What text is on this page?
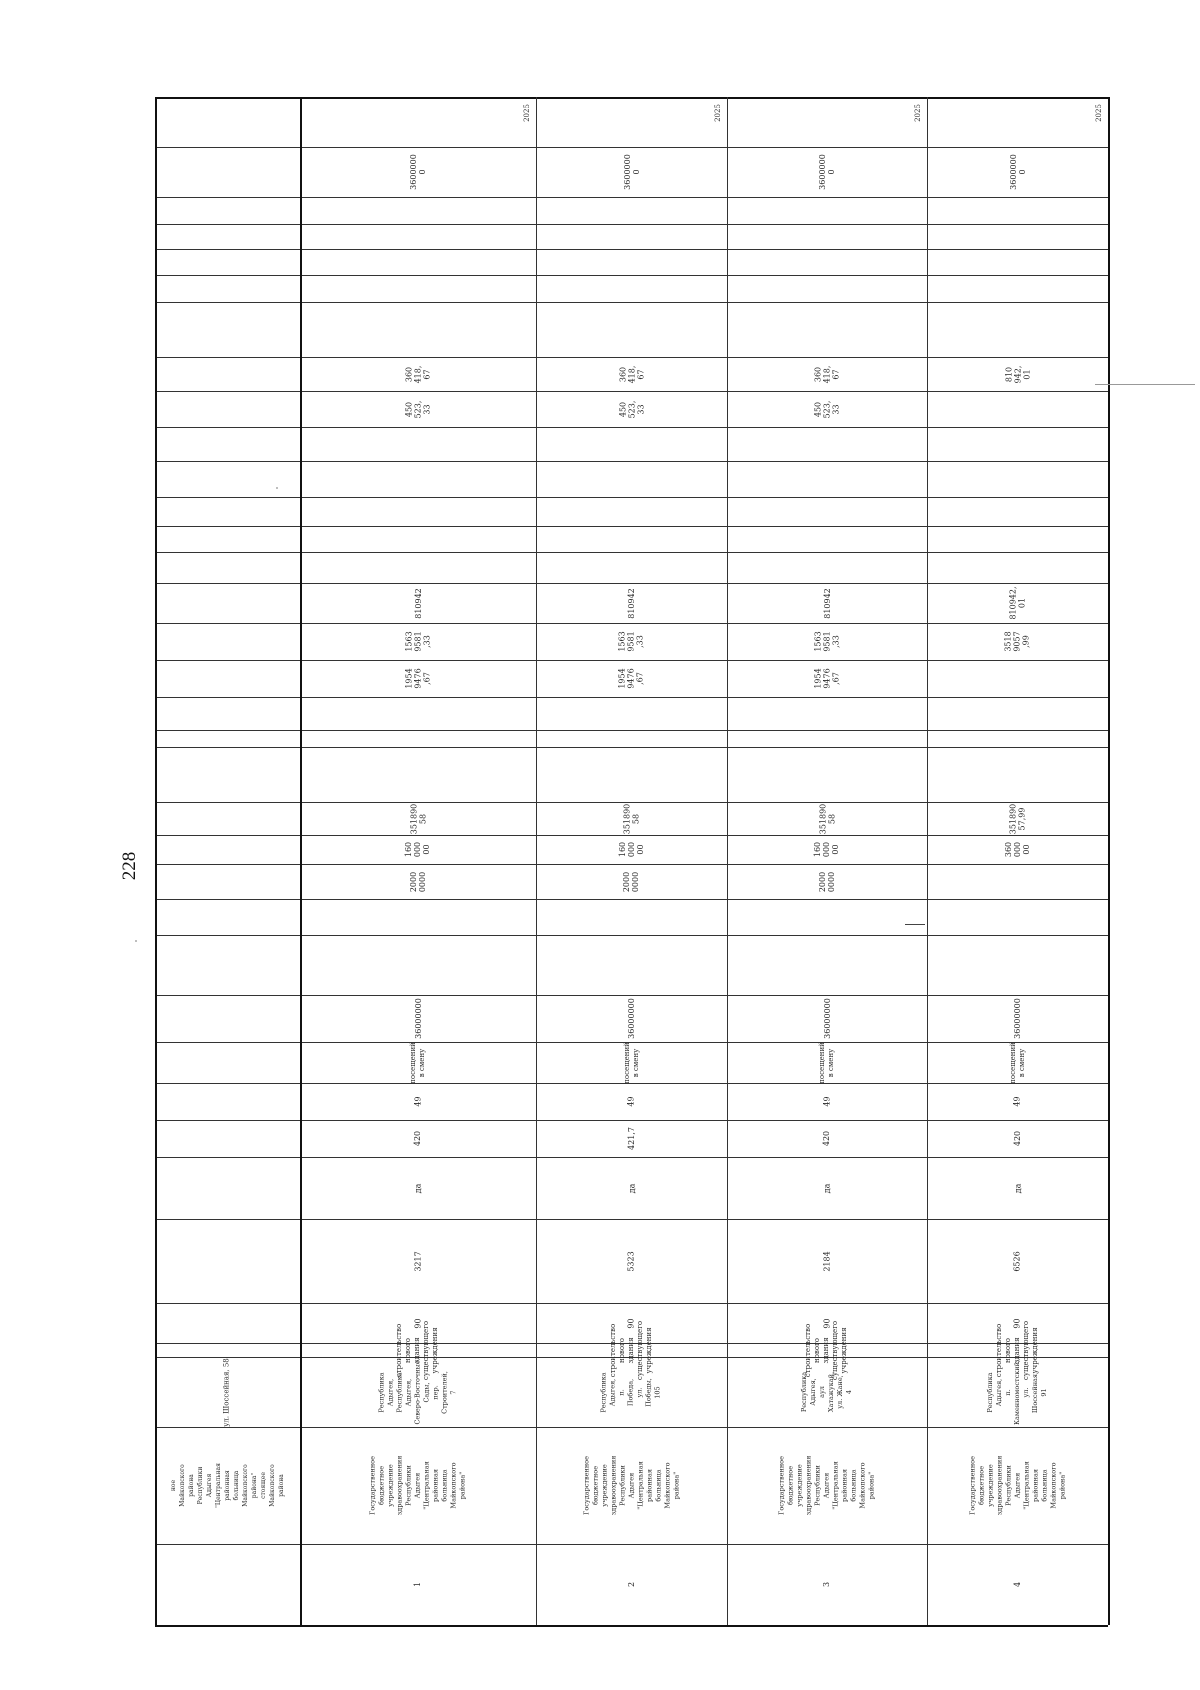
228
ное
Майкопского
района
Республики
Адыгея
"Центральная
районная
больница
Майкопского
района"
стоящее
Майкопского
района
ул. Шоссейная, 58
1
Государственное
бюджетное
учреждение
здравоохранения
Республики
Адыгея
"Центральная
районная
больница
Майкопского
района"
Республика
Адыгея,
Республика
Адыгея,
Северо-Восточные
Сады,
пер.
Строителей,
7
строительство
нового
здания
существующего
учреждения
90
3217
да
420
49
посещений
в смену
36000000
2000
0000
160
000
00
351890
58
1954
9476
,67
1563
9581
,33
810942
450
523,
33
360
418,
67
3600000
0
2025
2
Государственное
бюджетное
учреждение
здравоохранения
Республики
Адыгея
"Центральная
районная
больница
Майкопского
района"
Республика
Адыгея,
п.
Победа,
ул.
Победы,
105
строительство
нового
здания
существующего
учреждения
90
5323
да
421,7
49
посещений
в смену
36000000
2000
0000
160
000
00
351890
58
1954
9476
,67
1563
9581
,33
810942
450
523,
33
360
418,
67
3600000
0
2025
3
Государственное
бюджетное
учреждение
здравоохранения
Республики
Адыгея
"Центральная
районная
больница
Майкопского
района"
Республика
Адыгея,
аул
Хатажукай,
ул. Жане,
4
строительство
нового
здания
существующего
учреждения
90
2184
да
420
49
посещений
в смену
36000000
2000
0000
160
000
00
351890
58
1954
9476
,67
1563
9581
,33
810942
450
523,
33
360
418,
67
3600000
0
2025
4
Государственное
бюджетное
учреждение
здравоохранения
Республики
Адыгея
"Центральная
районная
больница
Майкопского
района"
Республика
Адыгея,
п.
Каменномостский,
ул.
Шоссейная,
91
строительство
нового
здания
существующего
учреждения
90
6526
да
420
49
посещений
в смену
36000000
360
000
00
351890
57,99
3518
9057
,99
810942,
01
810
942,
01
3600000
0
2025
